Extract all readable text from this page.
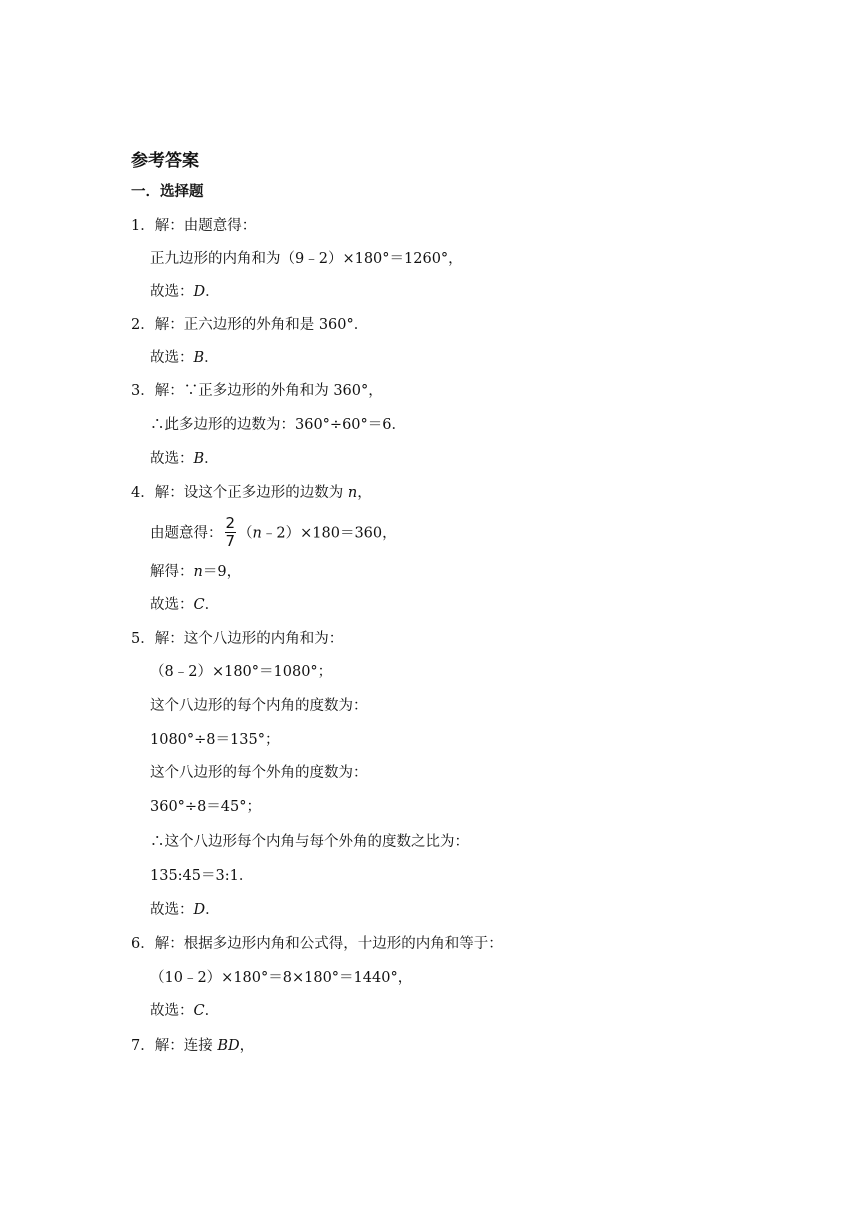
参考答案
一．选择题
1．解：由题意得：
正九边形的内角和为（9﹣2）×180°＝1260°，
故选：D．
2．解：正六边形的外角和是 360°．
故选：B．
3．解：∵正多边形的外角和为 360°，
∴此多边形的边数为：360°÷60°＝6．
故选：B．
4．解：设这个正多边形的边数为 n，
由题意得： $\frac{2}{7}$ （n﹣2）×180＝360，
解得：n＝9，
故选：C．
5．解：这个八边形的内角和为：
（8﹣2）×180°＝1080°；
这个八边形的每个内角的度数为：
1080°÷8＝135°；
这个八边形的每个外角的度数为：
360°÷8＝45°；
∴这个八边形每个内角与每个外角的度数之比为：
135:45＝3:1．
故选：D．
6．解：根据多边形内角和公式得，十边形的内角和等于：
（10﹣2）×180°＝8×180°＝1440°，
故选：C．
7．解：连接 BD，
